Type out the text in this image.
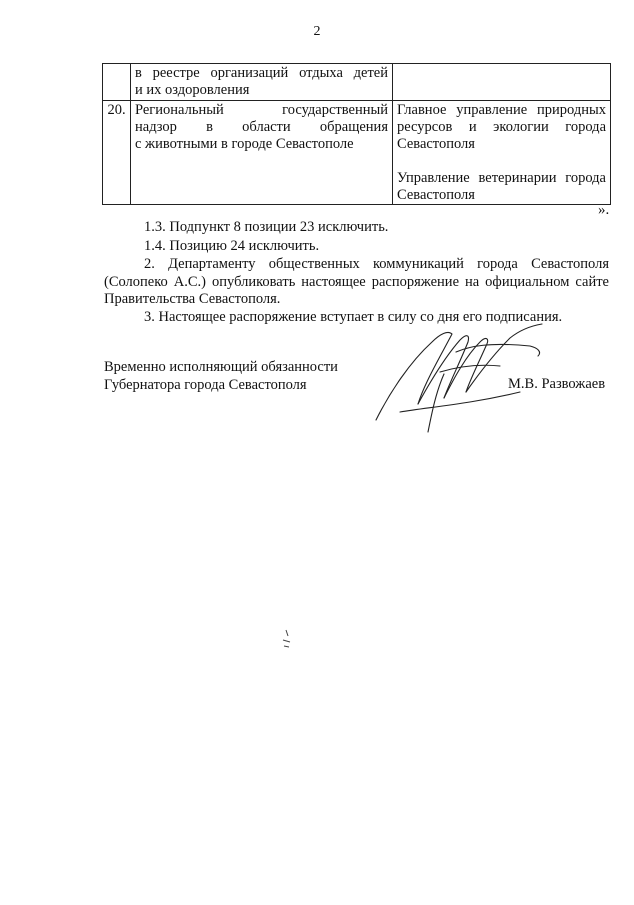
2

	в реестре организаций отдыха детей
и их оздоровления	

20.	Региональный государственный
надзор в области обращения
с животными в городе Севастополе	Главное управление природных
ресурсов и экологии города
Севастополя
Управление ветеринарии города
Севастополя
».
1.3. Подпункт 8 позиции 23 исключить.
1.4. Позицию 24 исключить.
2. Департаменту общественных коммуникаций города Севастополя (Солопеко А.С.) опубликовать настоящее распоряжение на официальном сайте Правительства Севастополя.
3. Настоящее распоряжение вступает в силу со дня его подписания.
Временно исполняющий обязанности
Губернатора города Севастополя	М.В. Развожаев
